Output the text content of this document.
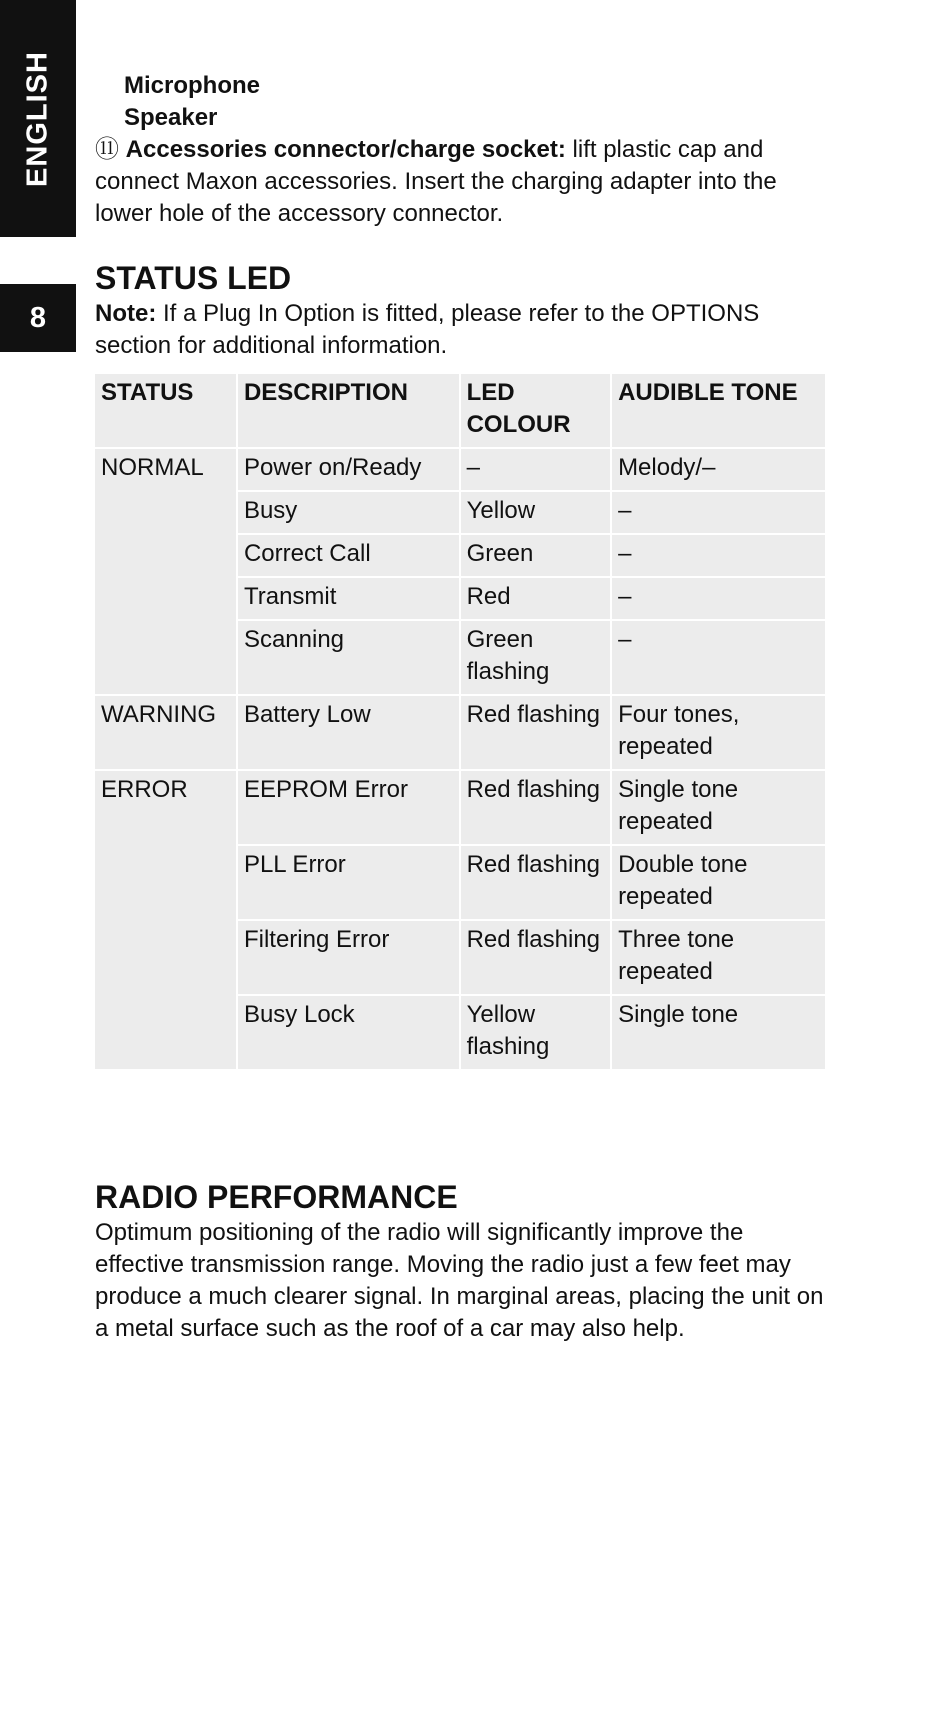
ENGLISH
8
Microphone
Speaker

⑪ Accessories connector/charge socket: lift plastic cap and connect Maxon accessories. Insert the charging adapter into the lower hole of the accessory connector.

STATUS LED

Note: If a Plug In Option is fitted, please refer to the OPTIONS section for additional information.

STATUS	DESCRIPTION	LED COLOUR	AUDIBLE TONE
NORMAL	Power on/Ready	–	Melody/–
	Busy	Yellow	–
	Correct Call	Green	–
	Transmit	Red	–
	Scanning	Green flashing	–
WARNING	Battery Low	Red flashing	Four tones, repeated
ERROR	EEPROM Error	Red flashing	Single tone repeated
	PLL Error	Red flashing	Double tone repeated
	Filtering Error	Red flashing	Three tone repeated
	Busy Lock	Yellow flashing	Single tone
RADIO PERFORMANCE

Optimum positioning of the radio will significantly improve the effective transmission range. Moving the radio just a few feet may produce a much clearer signal. In marginal areas, placing the unit on a metal surface such as the roof of a car may also help.
